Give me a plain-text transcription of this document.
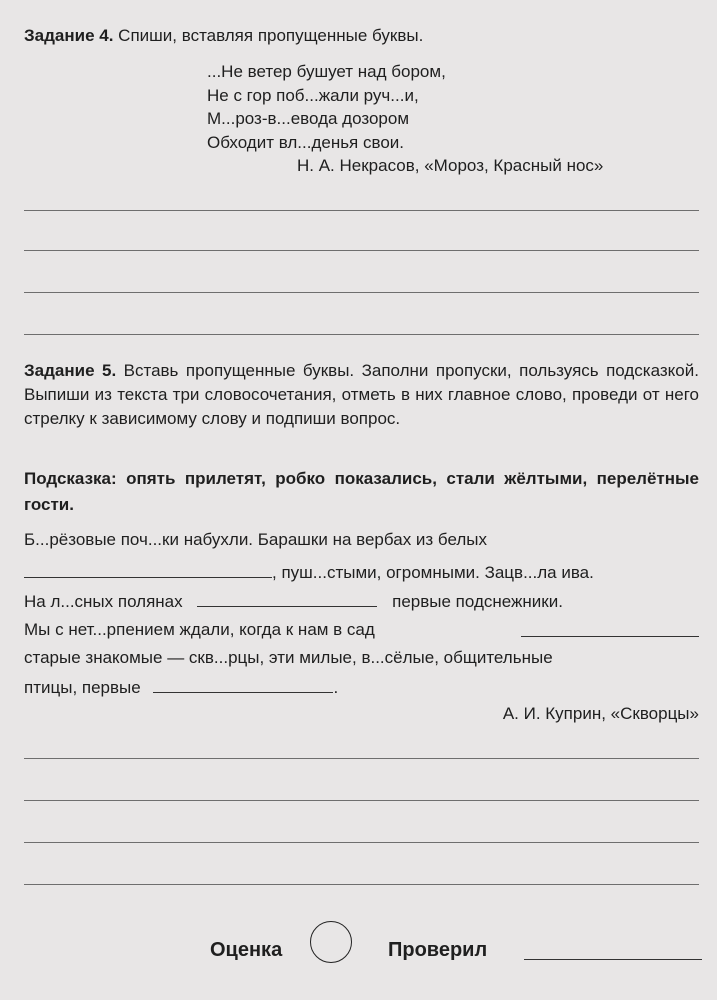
Задание 4. Спиши, вставляя пропущенные буквы.
...Не ветер бушует над бором,
Не с гор поб...жали руч...и,
М...роз-в...евода дозором
Обходит вл...денья свои.
Н. А. Некрасов, «Мороз, Красный нос»
Задание 5. Вставь пропущенные буквы. Заполни пропуски, пользуясь подсказкой. Выпиши из текста три словосочетания, отметь в них главное слово, проведи от него стрелку к зависимому слову и подпиши вопрос.
Подсказка: опять прилетят, робко показались, стали жёлтыми, перелётные гости.
Б...рёзовые поч...ки набухли. Барашки на вербах из белых
, пуш...стыми, огромными. Зацв...ла ива.
На л...сных полянах	первые подснежники.
Мы с нет...рпением ждали, когда к нам в сад
старые знакомые — скв...рцы, эти милые, в...сёлые, общительные
птицы, первые	.
А. И. Куприн, «Скворцы»
Оценка	Проверил
